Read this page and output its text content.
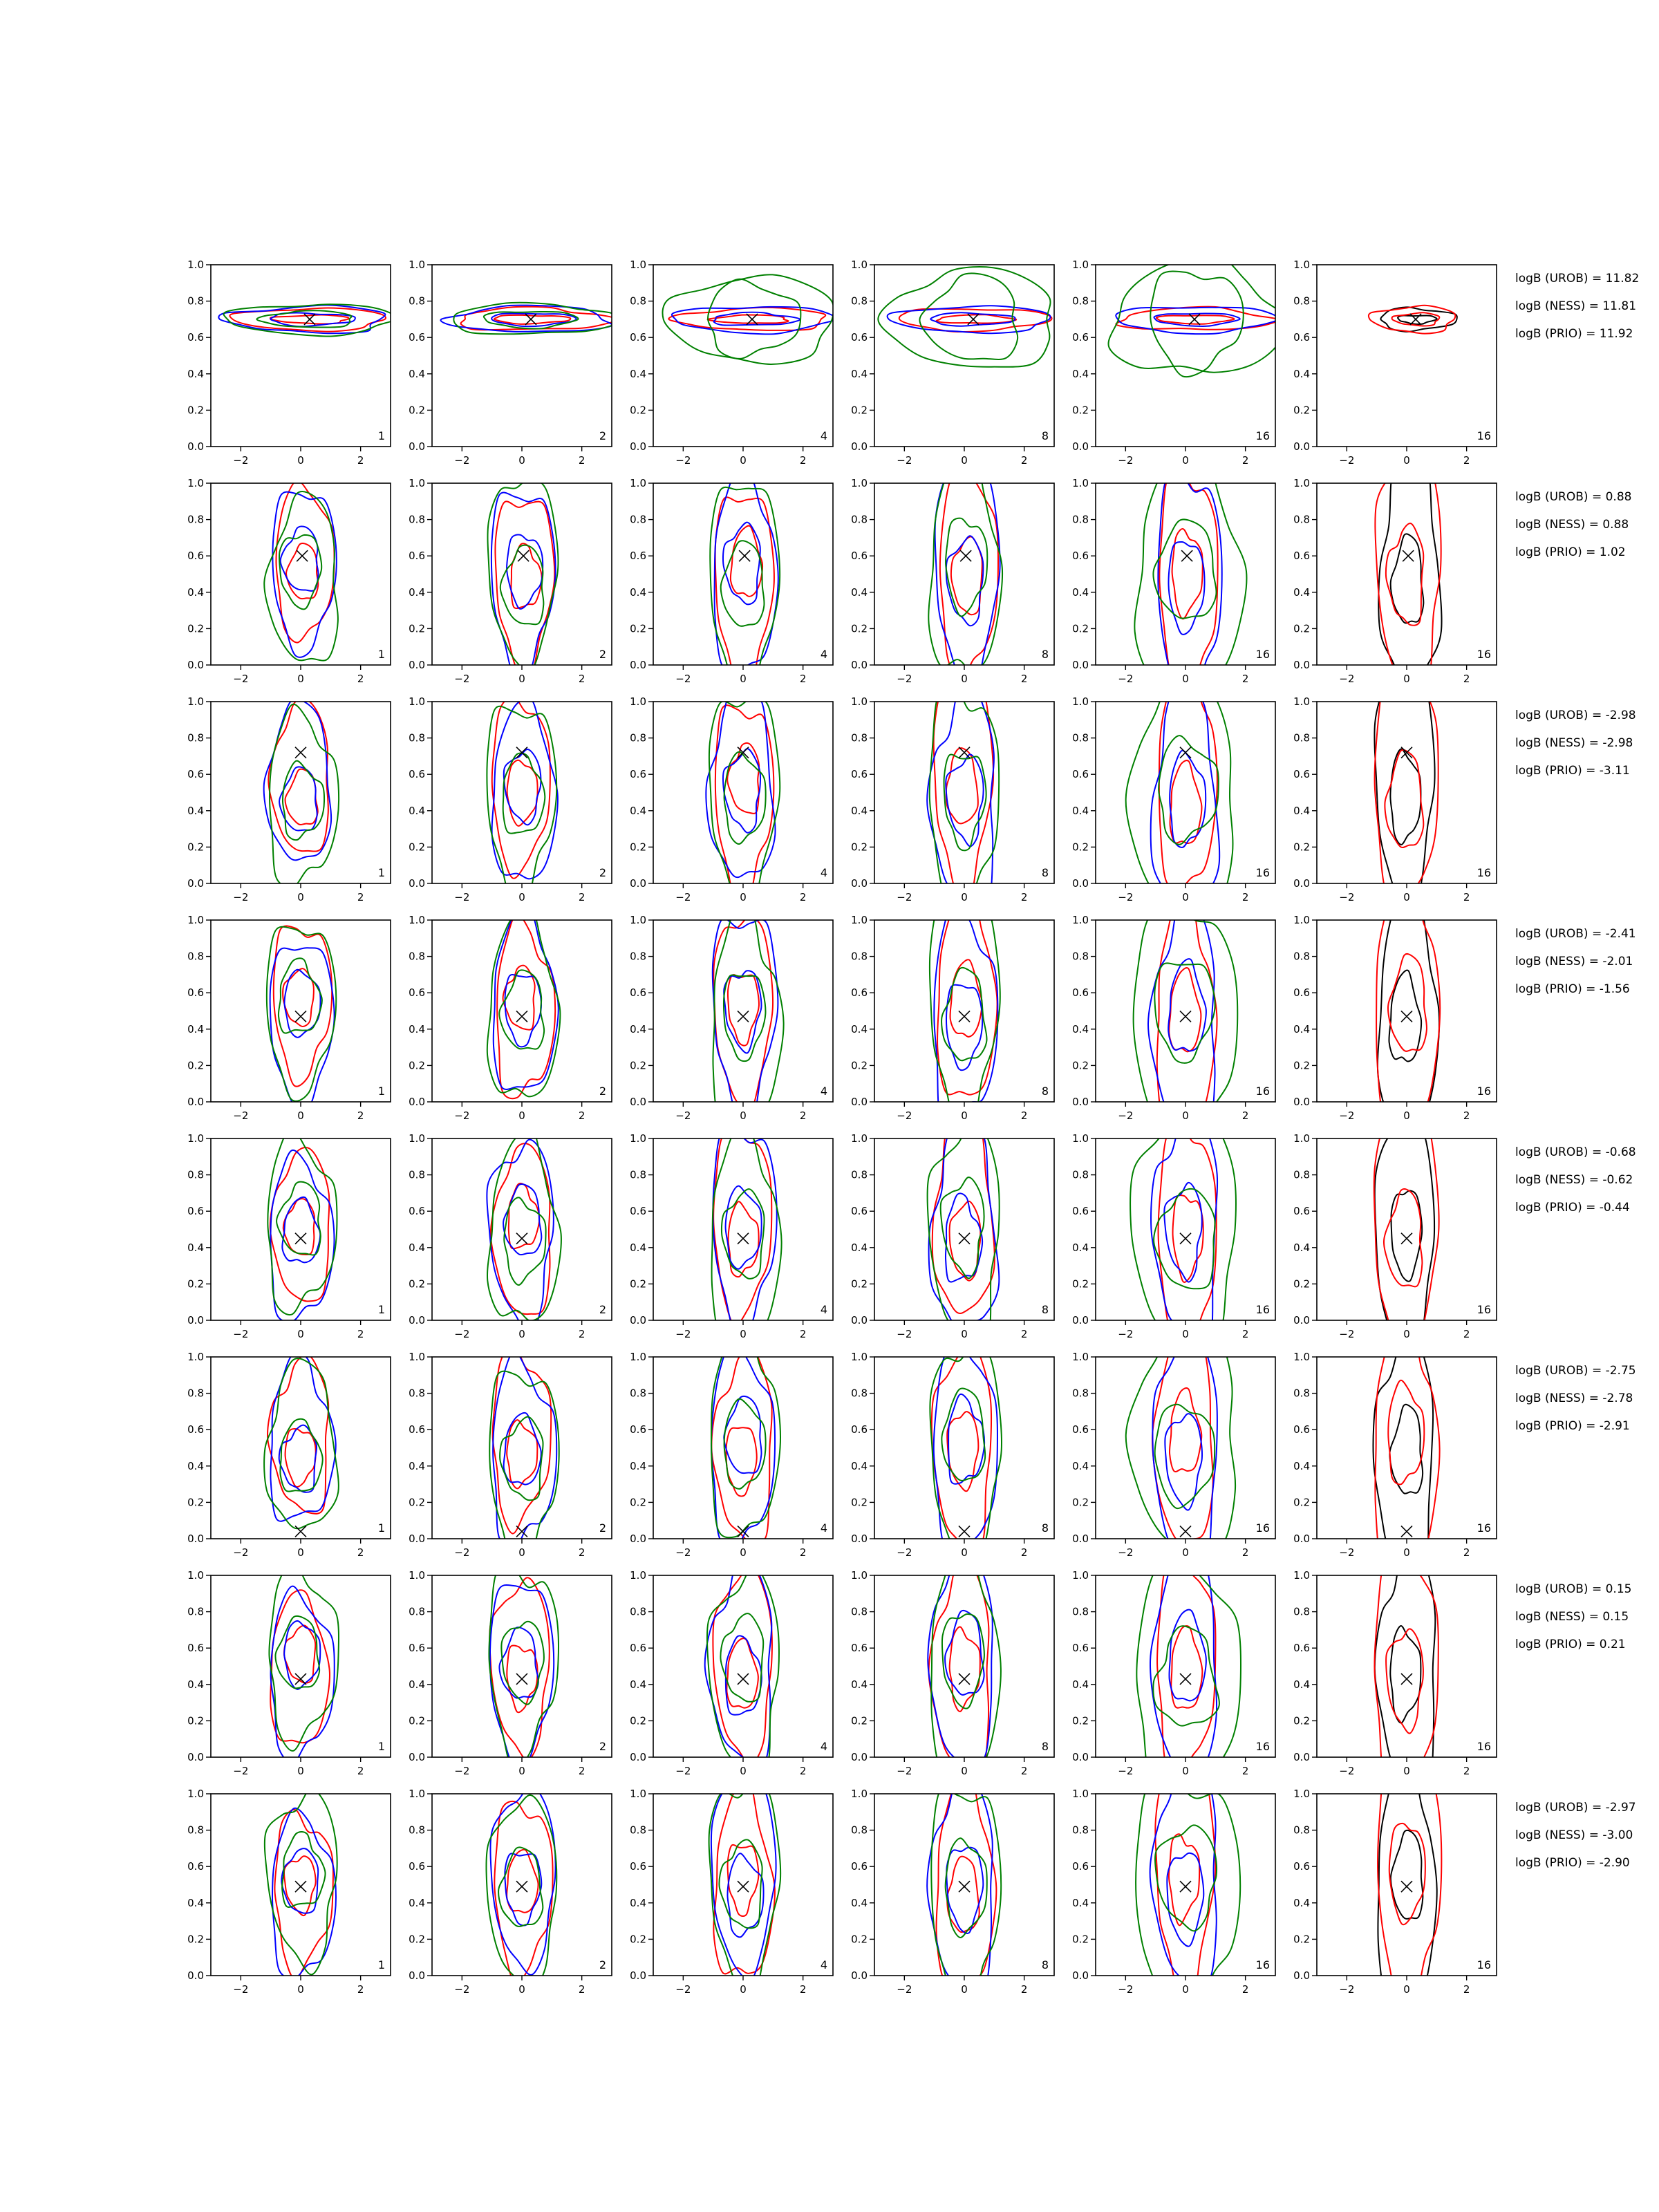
0.0
0.2
0.4
0.6
0.8
1.0
−2	0	2
1
0.0
0.2
0.4
0.6
0.8
1.0
−2	0	2
2
0.0
0.2
0.4
0.6
0.8
1.0
−2	0	2
4
0.0
0.2
0.4
0.6
0.8
1.0
−2	0	2
8
0.0
0.2
0.4
0.6
0.8
1.0
−2	0	2
16
0.0
0.2
0.4
0.6
0.8
1.0
−2	0	2
16
0.0
0.2
0.4
0.6
0.8
1.0
−2	0	2
1
0.0
0.2
0.4
0.6
0.8
1.0
−2	0	2
2
0.0
0.2
0.4
0.6
0.8
1.0
−2	0	2
4
0.0
0.2
0.4
0.6
0.8
1.0
−2	0	2
8
0.0
0.2
0.4
0.6
0.8
1.0
−2	0	2
16
0.0
0.2
0.4
0.6
0.8
1.0
−2	0	2
16
0.0
0.2
0.4
0.6
0.8
1.0
−2	0	2
1
0.0
0.2
0.4
0.6
0.8
1.0
−2	0	2
2
0.0
0.2
0.4
0.6
0.8
1.0
−2	0	2
4
0.0
0.2
0.4
0.6
0.8
1.0
−2	0	2
8
0.0
0.2
0.4
0.6
0.8
1.0
−2	0	2
16
0.0
0.2
0.4
0.6
0.8
1.0
−2	0	2
16
0.0
0.2
0.4
0.6
0.8
1.0
−2	0	2
1
0.0
0.2
0.4
0.6
0.8
1.0
−2	0	2
2
0.0
0.2
0.4
0.6
0.8
1.0
−2	0	2
4
0.0
0.2
0.4
0.6
0.8
1.0
−2	0	2
8
0.0
0.2
0.4
0.6
0.8
1.0
−2	0	2
16
0.0
0.2
0.4
0.6
0.8
1.0
−2	0	2
16
0.0
0.2
0.4
0.6
0.8
1.0
−2	0	2
1
0.0
0.2
0.4
0.6
0.8
1.0
−2	0	2
2
0.0
0.2
0.4
0.6
0.8
1.0
−2	0	2
4
0.0
0.2
0.4
0.6
0.8
1.0
−2	0	2
8
0.0
0.2
0.4
0.6
0.8
1.0
−2	0	2
16
0.0
0.2
0.4
0.6
0.8
1.0
−2	0	2
16
0.0
0.2
0.4
0.6
0.8
1.0
−2	0	2
1
0.0
0.2
0.4
0.6
0.8
1.0
−2	0	2
2
0.0
0.2
0.4
0.6
0.8
1.0
−2	0	2
4
0.0
0.2
0.4
0.6
0.8
1.0
−2	0	2
8
0.0
0.2
0.4
0.6
0.8
1.0
−2	0	2
16
0.0
0.2
0.4
0.6
0.8
1.0
−2	0	2
16
0.0
0.2
0.4
0.6
0.8
1.0
−2	0	2
1
0.0
0.2
0.4
0.6
0.8
1.0
−2	0	2
2
0.0
0.2
0.4
0.6
0.8
1.0
−2	0	2
4
0.0
0.2
0.4
0.6
0.8
1.0
−2	0	2
8
0.0
0.2
0.4
0.6
0.8
1.0
−2	0	2
16
0.0
0.2
0.4
0.6
0.8
1.0
−2	0	2
16
0.0
0.2
0.4
0.6
0.8
1.0
−2	0	2
1
0.0
0.2
0.4
0.6
0.8
1.0
−2	0	2
2
0.0
0.2
0.4
0.6
0.8
1.0
−2	0	2
4
0.0
0.2
0.4
0.6
0.8
1.0
−2	0	2
8
0.0
0.2
0.4
0.6
0.8
1.0
−2	0	2
16
0.0
0.2
0.4
0.6
0.8
1.0
−2	0	2
16
logB (UROB) = 11.82
logB (NESS) = 11.81
logB (PRIO) = 11.92
logB (UROB) = 0.88
logB (NESS) = 0.88
logB (PRIO) = 1.02
logB (UROB) = -2.98
logB (NESS) = -2.98
logB (PRIO) = -3.11
logB (UROB) = -2.41
logB (NESS) = -2.01
logB (PRIO) = -1.56
logB (UROB) = -0.68
logB (NESS) = -0.62
logB (PRIO) = -0.44
logB (UROB) = -2.75
logB (NESS) = -2.78
logB (PRIO) = -2.91
logB (UROB) = 0.15
logB (NESS) = 0.15
logB (PRIO) = 0.21
logB (UROB) = -2.97
logB (NESS) = -3.00
logB (PRIO) = -2.90
